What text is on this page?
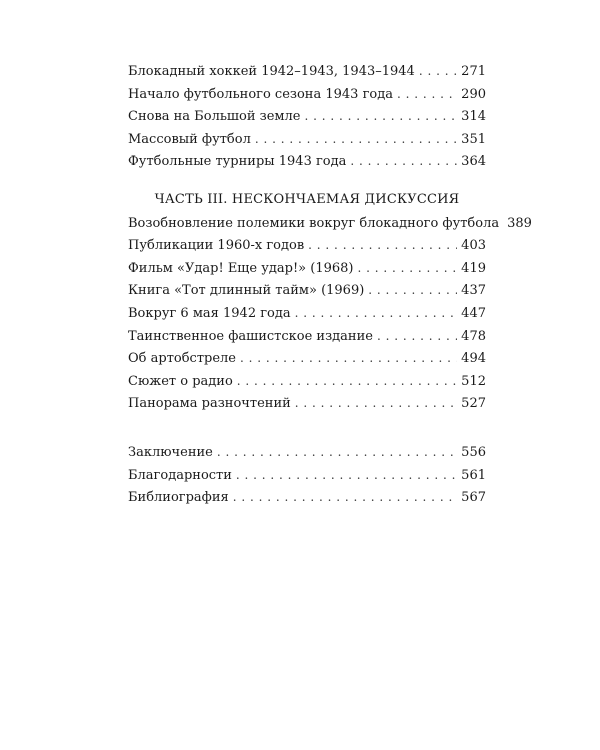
Блокадный хоккей 1942–1943, 1943–1944 . . .	271
Начало футбольного сезона 1943 года . . .	290
Снова на Большой земле . . .	314
Массовый футбол . . .	351
Футбольные турниры 1943 года . . .	364
ЧАСТЬ III. НЕСКОНЧАЕМАЯ ДИСКУССИЯ
Возобновление полемики вокруг блокадного футбола 389
Публикации 1960-х годов . . .	403
Фильм «Удар! Еще удар!» (1968) . . .	419
Книга «Тот длинный тайм» (1969) . . .	437
Вокруг 6 мая 1942 года . . .	447
Таинственное фашистское издание . . .	478
Об артобстреле . . .	494
Сюжет о радио . . .	512
Панорама разночтений . . .	527
Заключение . . .	556
Благодарности . . .	561
Библиография . . .	567
